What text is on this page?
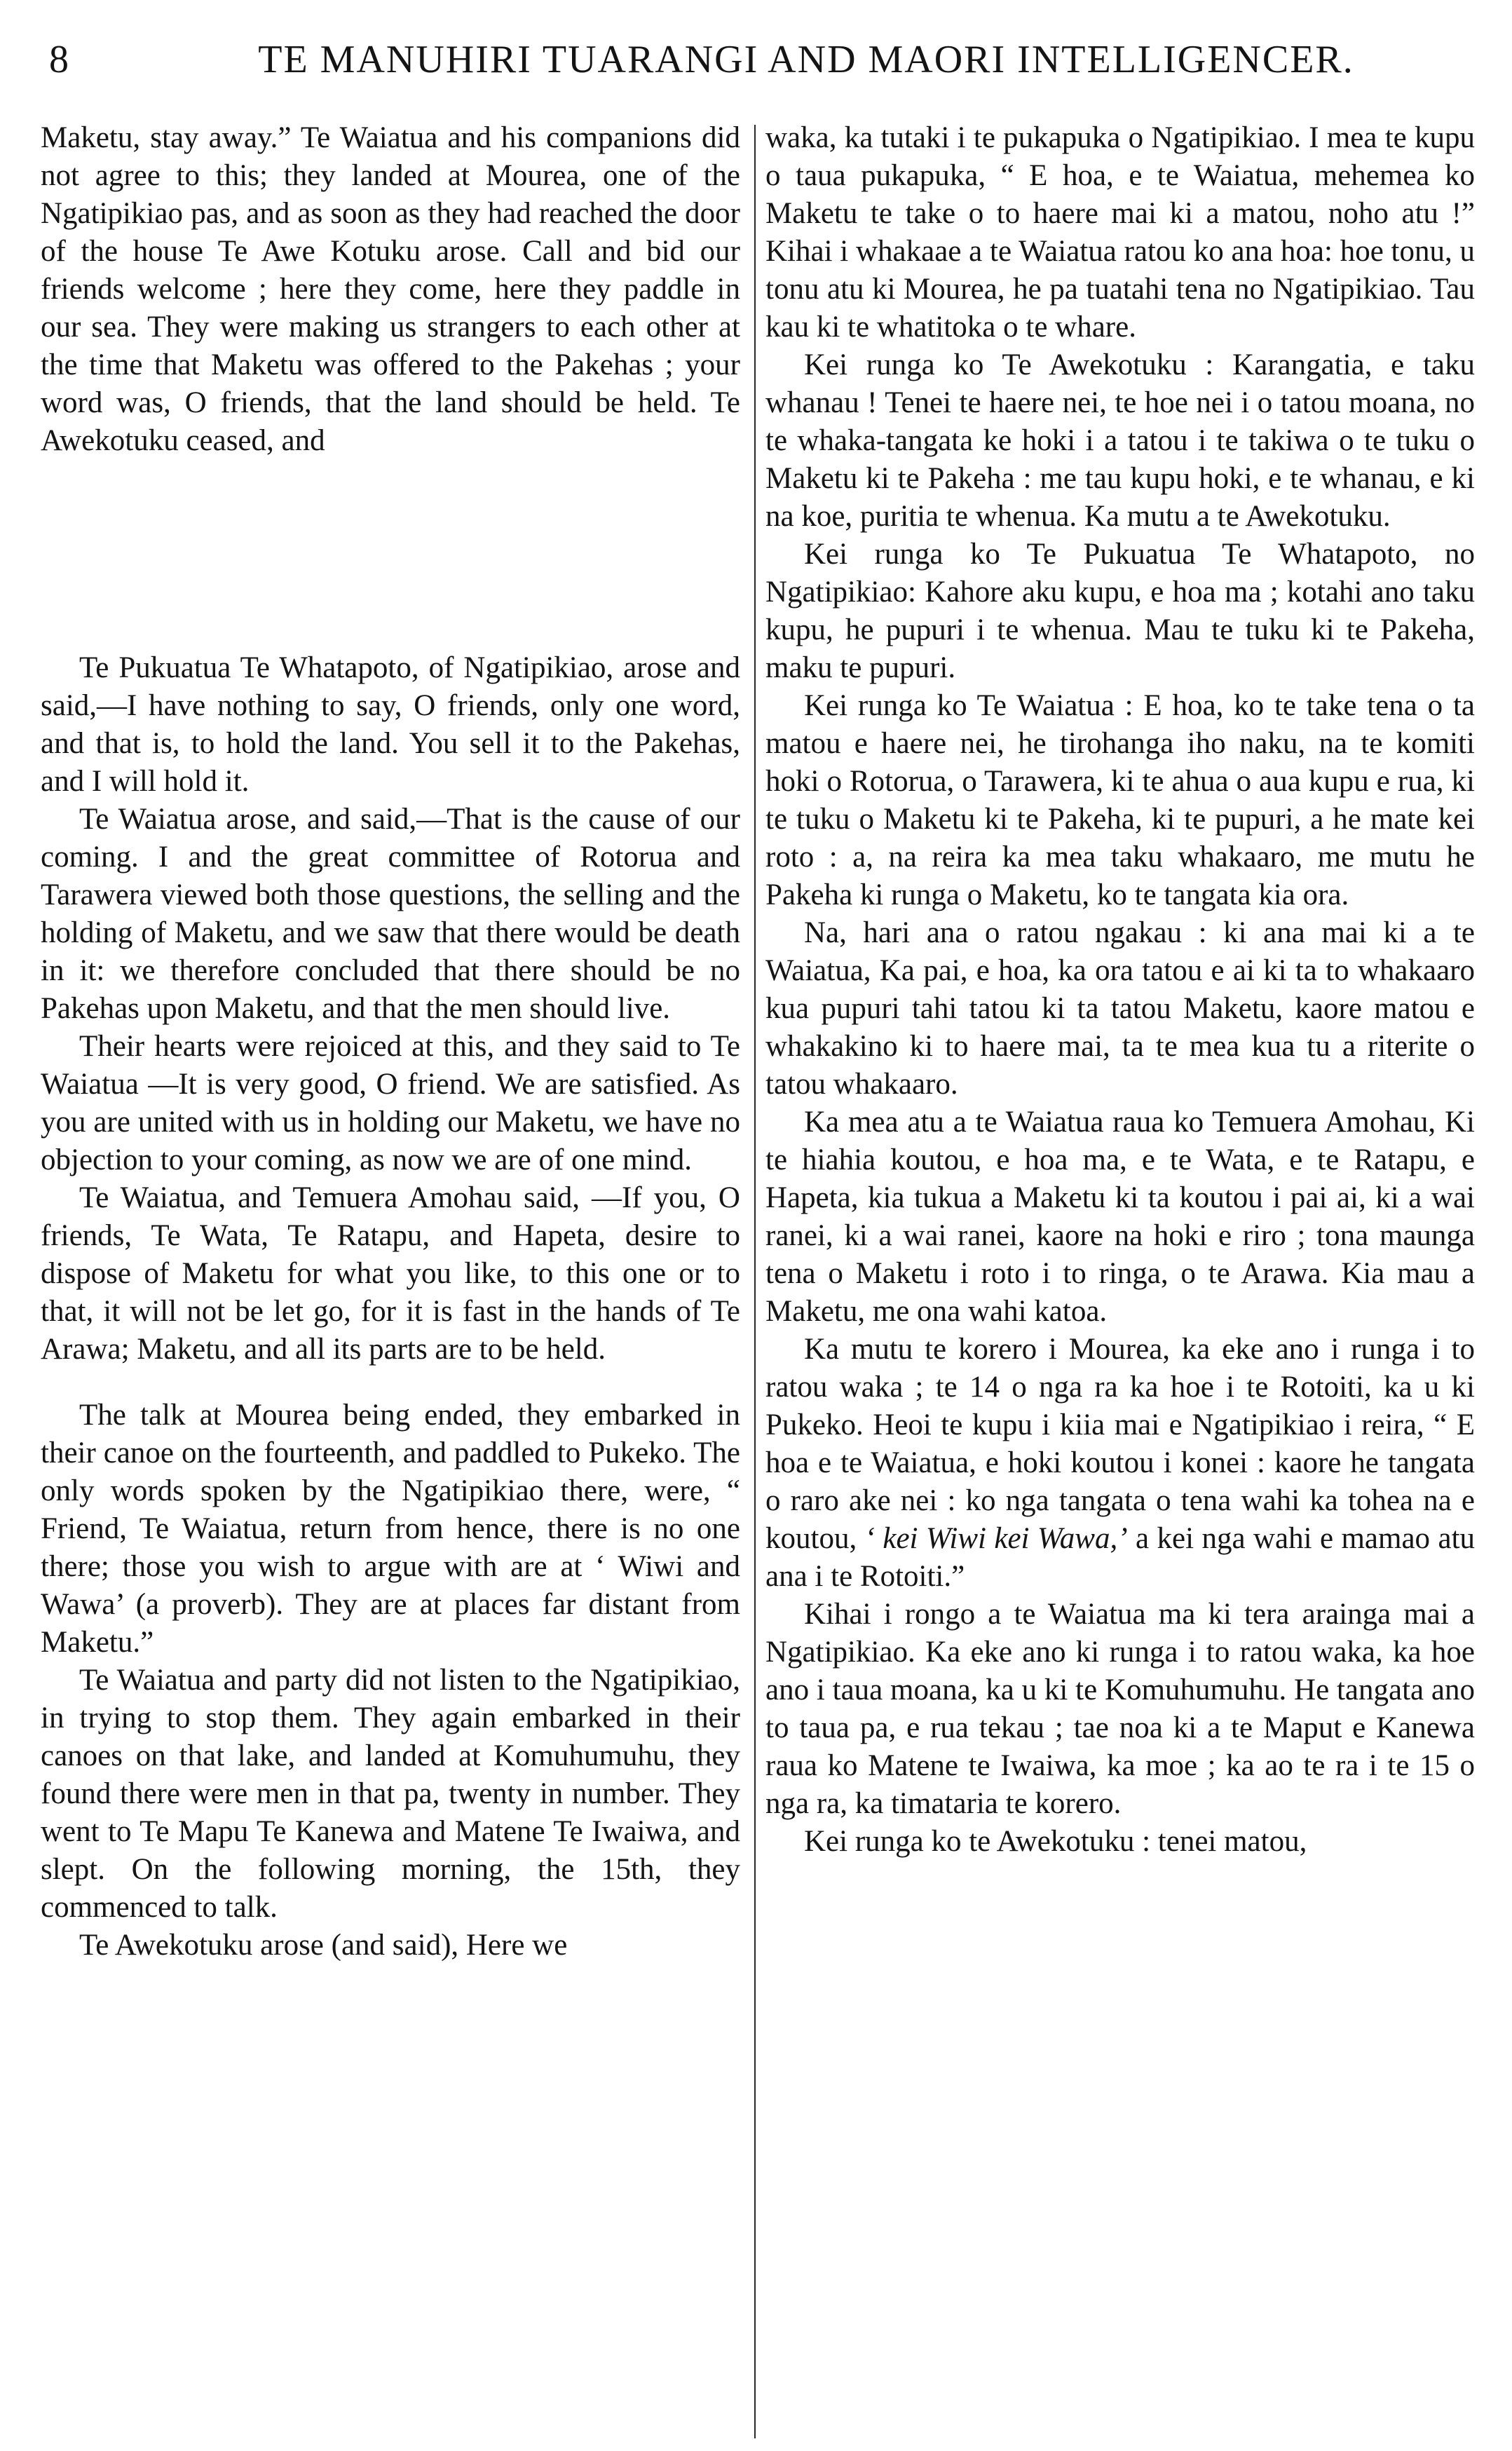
8	TE MANUHIRI TUARANGI AND MAORI INTELLIGENCER.

Maketu, stay away.” Te Waiatua and his companions did not agree to this; they landed at Mourea, one of the Ngatipikiao pas, and as soon as they had reached the door of the house Te Awe Kotuku arose. Call and bid our friends welcome ; here they come, here they paddle in our sea. They were making us strangers to each other at the time that Maketu was offered to the Pakehas ; your word was, O friends, that the land should be held. Te Awekotuku ceased, and

Te Pukuatua Te Whatapoto, of Ngatipikiao, arose and said,—I have nothing to say, O friends, only one word, and that is, to hold the land. You sell it to the Pakehas, and I will hold it.

Te Waiatua arose, and said,—That is the cause of our coming. I and the great committee of Rotorua and Tarawera viewed both those questions, the selling and the holding of Maketu, and we saw that there would be death in it: we therefore concluded that there should be no Pakehas upon Maketu, and that the men should live.

Their hearts were rejoiced at this, and they said to Te Waiatua —It is very good, O friend. We are satisfied. As you are united with us in holding our Maketu, we have no objection to your coming, as now we are of one mind.

Te Waiatua, and Temuera Amohau said, —If you, O friends, Te Wata, Te Ratapu, and Hapeta, desire to dispose of Maketu for what you like, to this one or to that, it will not be let go, for it is fast in the hands of Te Arawa; Maketu, and all its parts are to be held.

The talk at Mourea being ended, they embarked in their canoe on the fourteenth, and paddled to Pukeko. The only words spoken by the Ngatipikiao there, were, “ Friend, Te Waiatua, return from hence, there is no one there; those you wish to argue with are at ‘ Wiwi and Wawa’ (a proverb). They are at places far distant from Maketu.”

Te Waiatua and party did not listen to the Ngatipikiao, in trying to stop them. They again embarked in their canoes on that lake, and landed at Komuhumuhu, they found there were men in that pa, twenty in number. They went to Te Mapu Te Kanewa and Matene Te Iwaiwa, and slept. On the following morning, the 15th, they commenced to talk.

Te Awekotuku arose (and said), Here we

waka, ka tutaki i te pukapuka o Ngatipikiao. I mea te kupu o taua pukapuka, “ E hoa, e te Waiatua, mehemea ko Maketu te take o to haere mai ki a matou, noho atu !” Kihai i whakaae a te Waiatua ratou ko ana hoa: hoe tonu, u tonu atu ki Mourea, he pa tuatahi tena no Ngatipikiao. Tau kau ki te whatitoka o te whare.

Kei runga ko Te Awekotuku : Karangatia, e taku whanau ! Tenei te haere nei, te hoe nei i o tatou moana, no te whaka-tangata ke hoki i a tatou i te takiwa o te tuku o Maketu ki te Pakeha : me tau kupu hoki, e te whanau, e ki na koe, puritia te whenua. Ka mutu a te Awekotuku.

Kei runga ko Te Pukuatua Te Whatapoto, no Ngatipikiao: Kahore aku kupu, e hoa ma ; kotahi ano taku kupu, he pupuri i te whenua. Mau te tuku ki te Pakeha, maku te pupuri.

Kei runga ko Te Waiatua : E hoa, ko te take tena o ta matou e haere nei, he tirohanga iho naku, na te komiti hoki o Rotorua, o Tarawera, ki te ahua o aua kupu e rua, ki te tuku o Maketu ki te Pakeha, ki te pupuri, a he mate kei roto : a, na reira ka mea taku whakaaro, me mutu he Pakeha ki runga o Maketu, ko te tangata kia ora.

Na, hari ana o ratou ngakau : ki ana mai ki a te Waiatua, Ka pai, e hoa, ka ora tatou e ai ki ta to whakaaro kua pupuri tahi tatou ki ta tatou Maketu, kaore matou e whakakino ki to haere mai, ta te mea kua tu a riterite o tatou whakaaro.

Ka mea atu a te Waiatua raua ko Temuera Amohau, Ki te hiahia koutou, e hoa ma, e te Wata, e te Ratapu, e Hapeta, kia tukua a Maketu ki ta koutou i pai ai, ki a wai ranei, ki a wai ranei, kaore na hoki e riro ; tona maunga tena o Maketu i roto i to ringa, o te Arawa. Kia mau a Maketu, me ona wahi katoa.

Ka mutu te korero i Mourea, ka eke ano i runga i to ratou waka ; te 14 o nga ra ka hoe i te Rotoiti, ka u ki Pukeko. Heoi te kupu i kiia mai e Ngatipikiao i reira, “ E hoa e te Waiatua, e hoki koutou i konei : kaore he tangata o raro ake nei : ko nga tangata o tena wahi ka tohea na e koutou, ‘ kei Wiwi kei Wawa,’ a kei nga wahi e mamao atu ana i te Rotoiti.”

Kihai i rongo a te Waiatua ma ki tera arainga mai a Ngatipikiao. Ka eke ano ki runga i to ratou waka, ka hoe ano i taua moana, ka u ki te Komuhumuhu. He tangata ano to taua pa, e rua tekau ; tae noa ki a te Maput e Kanewa raua ko Matene te Iwaiwa, ka moe ; ka ao te ra i te 15 o nga ra, ka timataria te korero.

Kei runga ko te Awekotuku : tenei matou,
